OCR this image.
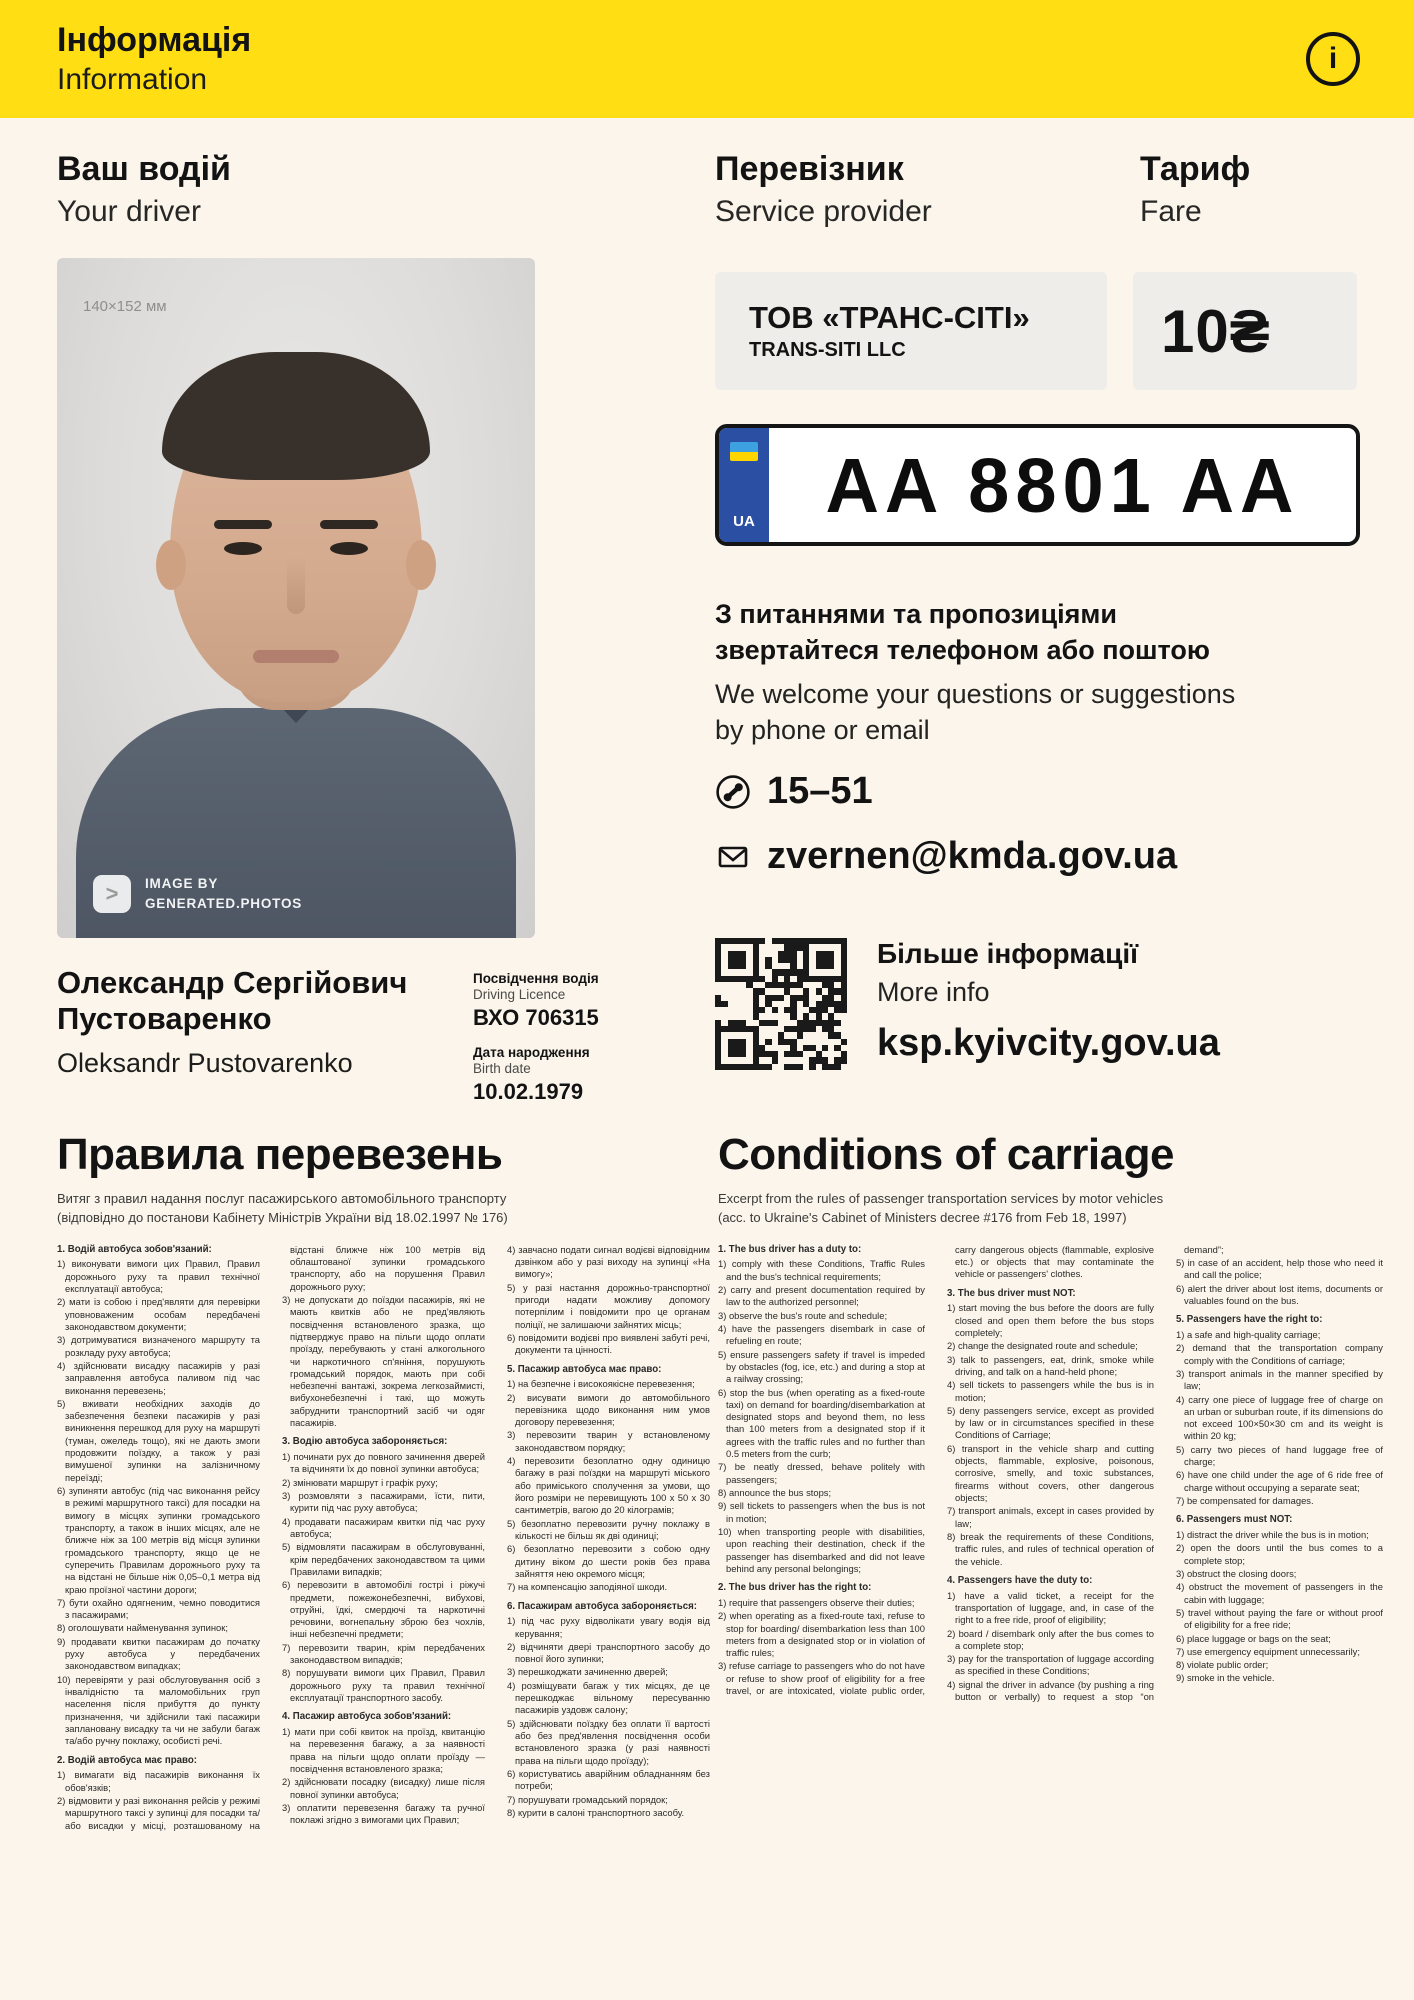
Інформація
Information
i
Ваш водій
Your driver
140×152 мм
>	IMAGE BY
GENERATED.PHOTOS
Олександр Сергійович Пустоваренко
Oleksandr Pustovarenko
Посвідчення водія
Driving Licence
ВХО 706315
Дата народження
Birth date
10.02.1979
Перевізник
Service provider
Тариф
Fare
ТОВ «ТРАНС-СІТІ»
TRANS-SITI LLC	10₴
UA AA 8801 AA
З питаннями та пропозиціями
звертайтеся телефоном або поштою
We welcome your questions or suggestions
by phone or email
15–51
zvernen@kmda.gov.ua
Більше інформації
More info
ksp.kyivcity.gov.ua
Правила перевезень
Витяг з правил надання послуг пасажирського автомобільного транспорту
(відповідно до постанови Кабінету Міністрів України від 18.02.1997 № 176)

1. Водій автобуса зобов'язаний:

1) виконувати вимоги цих Правил, Правил дорожнього руху та правил технічної експлуатації автобуса;

2) мати із собою і пред'являти для перевірки уповноваженим особам передбачені законодавством документи;

3) дотримуватися визначеного маршруту та розкладу руху автобуса;

4) здійснювати висадку пасажирів у разі заправлення автобуса паливом під час виконання перевезень;

5) вживати необхідних заходів до забезпечення безпеки пасажирів у разі виникнення перешкод для руху на маршруті (туман, ожеледь тощо), які не дають змоги продовжити поїздку, а також у разі вимушеної зупинки на залізничному переїзді;

6) зупиняти автобус (під час виконання рейсу в режимі маршрутного таксі) для посадки на вимогу в місцях зупинки громадського транспорту, а також в інших місцях, але не ближче ніж за 100 метрів від місця зупинки громадського транспорту, якщо це не суперечить Правилам дорожнього руху та на відстані не більше ніж 0,05–0,1 метра від краю проїзної частини дороги;

7) бути охайно одягненим, чемно поводитися з пасажирами;

8) оголошувати найменування зупинок;

9) продавати квитки пасажирам до початку руху автобуса у передбачених законодавством випадках;

10) перевіряти у разі обслуговування осіб з інвалідністю та маломобільних груп населення після прибуття до пункту призначення, чи здійснили такі пасажири заплановану висадку та чи не забули багаж та/або ручну поклажу, особисті речі.

2. Водій автобуса має право:

1) вимагати від пасажирів виконання їх обов'язків;

2) відмовити у разі виконання рейсів у режимі маршрутного таксі у зупинці для посадки та/або висадки у місці, розташованому на відстані ближче ніж 100 метрів від облаштованої зупинки громадського транспорту, або на порушення Правил дорожнього руху;

3) не допускати до поїздки пасажирів, які не мають квитків або не пред'являють посвідчення встановленого зразка, що підтверджує право на пільги щодо оплати проїзду, перебувають у стані алкогольного чи наркотичного сп'яніння, порушують громадський порядок, мають при собі небезпечні вантажі, зокрема легкозаймисті, вибухонебезпечні і такі, що можуть забруднити транспортний засіб чи одяг пасажирів.

3. Водію автобуса забороняється:

1) починати рух до повного зачинення дверей та відчиняти їх до повної зупинки автобуса;

2) змінювати маршрут і графік руху;

3) розмовляти з пасажирами, їсти, пити, курити під час руху автобуса;

4) продавати пасажирам квитки під час руху автобуса;

5) відмовляти пасажирам в обслуговуванні, крім передбачених законодавством та цими Правилами випадків;

6) перевозити в автомобілі гострі і ріжучі предмети, пожежонебезпечні, вибухові, отруйні, їдкі, смердючі та наркотичні речовини, вогнепальну зброю без чохлів, інші небезпечні предмети;

7) перевозити тварин, крім передбачених законодавством випадків;

8) порушувати вимоги цих Правил, Правил дорожнього руху та правил технічної експлуатації транспортного засобу.

4. Пасажир автобуса зобов'язаний:

1) мати при собі квиток на проїзд, квитанцію на перевезення багажу, а за наявності права на пільги щодо оплати проїзду — посвідчення встановленого зразка;

2) здійснювати посадку (висадку) лише після повної зупинки автобуса;

3) оплатити перевезення багажу та ручної поклажі згідно з вимогами цих Правил;

4) завчасно подати сигнал водієві відповідним дзвінком або у разі виходу на зупинці «На вимогу»;

5) у разі настання дорожньо-транспортної пригоди надати можливу допомогу потерпілим і повідомити про це органам поліції, не залишаючи зайнятих місць;

6) повідомити водієві про виявлені забуті речі, документи та цінності.

5. Пасажир автобуса має право:

1) на безпечне і високоякісне перевезення;

2) висувати вимоги до автомобільного перевізника щодо виконання ним умов договору перевезення;

3) перевозити тварин у встановленому законодавством порядку;

4) перевозити безоплатно одну одиницю багажу в разі поїздки на маршруті міського або приміського сполучення за умови, що його розміри не перевищують 100 х 50 х 30 сантиметрів, вагою до 20 кілограмів;

5) безоплатно перевозити ручну поклажу в кількості не більш як дві одиниці;

6) безоплатно перевозити з собою одну дитину віком до шести років без права зайняття нею окремого місця;

7) на компенсацію заподіяної шкоди.

6. Пасажирам автобуса забороняється:

1) під час руху відволікати увагу водія від керування;

2) відчиняти двері транспортного засобу до повної його зупинки;

3) перешкоджати зачиненню дверей;

4) розміщувати багаж у тих місцях, де це перешкоджає вільному пересуванню пасажирів уздовж салону;

5) здійснювати поїздку без оплати її вартості або без пред'явлення посвідчення особи встановленого зразка (у разі наявності права на пільги щодо проїзду);

6) користуватись аварійним обладнанням без потреби;

7) порушувати громадський порядок;

8) курити в салоні транспортного засобу.

Conditions of carriage
Excerpt from the rules of passenger transportation services by motor vehicles
(acc. to Ukraine's Cabinet of Ministers decree #176 from Feb 18, 1997)

1. The bus driver has a duty to:

1) comply with these Conditions, Traffic Rules and the bus's technical requirements;

2) carry and present documentation required by law to the authorized personnel;

3) observe the bus's route and schedule;

4) have the passengers disembark in case of refueling en route;

5) ensure passengers safety if travel is impeded by obstacles (fog, ice, etc.) and during a stop at a railway crossing;

6) stop the bus (when operating as a fixed-route taxi) on demand for boarding/disembarkation at designated stops and beyond them, no less than 100 meters from a designated stop if it agrees with the traffic rules and no further than 0.5 meters from the curb;

7) be neatly dressed, behave politely with passengers;

8) announce the bus stops;

9) sell tickets to passengers when the bus is not in motion;

10) when transporting people with disabilities, upon reaching their destination, check if the passenger has disembarked and did not leave behind any personal belongings;

2. The bus driver has the right to:

1) require that passengers observe their duties;

2) when operating as a fixed-route taxi, refuse to stop for boarding/ disembarkation less than 100 meters from a designated stop or in violation of traffic rules;

3) refuse carriage to passengers who do not have or refuse to show proof of eligibility for a free travel, or are intoxicated, violate public order, carry dangerous objects (flammable, explosive etc.) or objects that may contaminate the vehicle or passengers' clothes.

3. The bus driver must NOT:

1) start moving the bus before the doors are fully closed and open them before the bus stops completely;

2) change the designated route and schedule;

3) talk to passengers, eat, drink, smoke while driving, and talk on a hand-held phone;

4) sell tickets to passengers while the bus is in motion;

5) deny passengers service, except as provided by law or in circumstances specified in these Conditions of Carriage;

6) transport in the vehicle sharp and cutting objects, flammable, explosive, poisonous, corrosive, smelly, and toxic substances, firearms without covers, other dangerous objects;

7) transport animals, except in cases provided by law;

8) break the requirements of these Conditions, traffic rules, and rules of technical operation of the vehicle.

4. Passengers have the duty to:

1) have a valid ticket, a receipt for the transportation of luggage, and, in case of the right to a free ride, proof of eligibility;

2) board / disembark only after the bus comes to a complete stop;

3) pay for the transportation of luggage according as specified in these Conditions;

4) signal the driver in advance (by pushing a ring button or verbally) to request a stop “on demand”;

5) in case of an accident, help those who need it and call the police;

6) alert the driver about lost items, documents or valuables found on the bus.

5. Passengers have the right to:

1) a safe and high-quality carriage;

2) demand that the transportation company comply with the Conditions of carriage;

3) transport animals in the manner specified by law;

4) carry one piece of luggage free of charge on an urban or suburban route, if its dimensions do not exceed 100×50×30 cm and its weight is within 20 kg;

5) carry two pieces of hand luggage free of charge;

6) have one child under the age of 6 ride free of charge without occupying a separate seat;

7) be compensated for damages.

6. Passengers must NOT:

1) distract the driver while the bus is in motion;

2) open the doors until the bus comes to a complete stop;

3) obstruct the closing doors;

4) obstruct the movement of passengers in the cabin with luggage;

5) travel without paying the fare or without proof of eligibility for a free ride;

6) place luggage or bags on the seat;

7) use emergency equipment unnecessarily;

8) violate public order;

9) smoke in the vehicle.
